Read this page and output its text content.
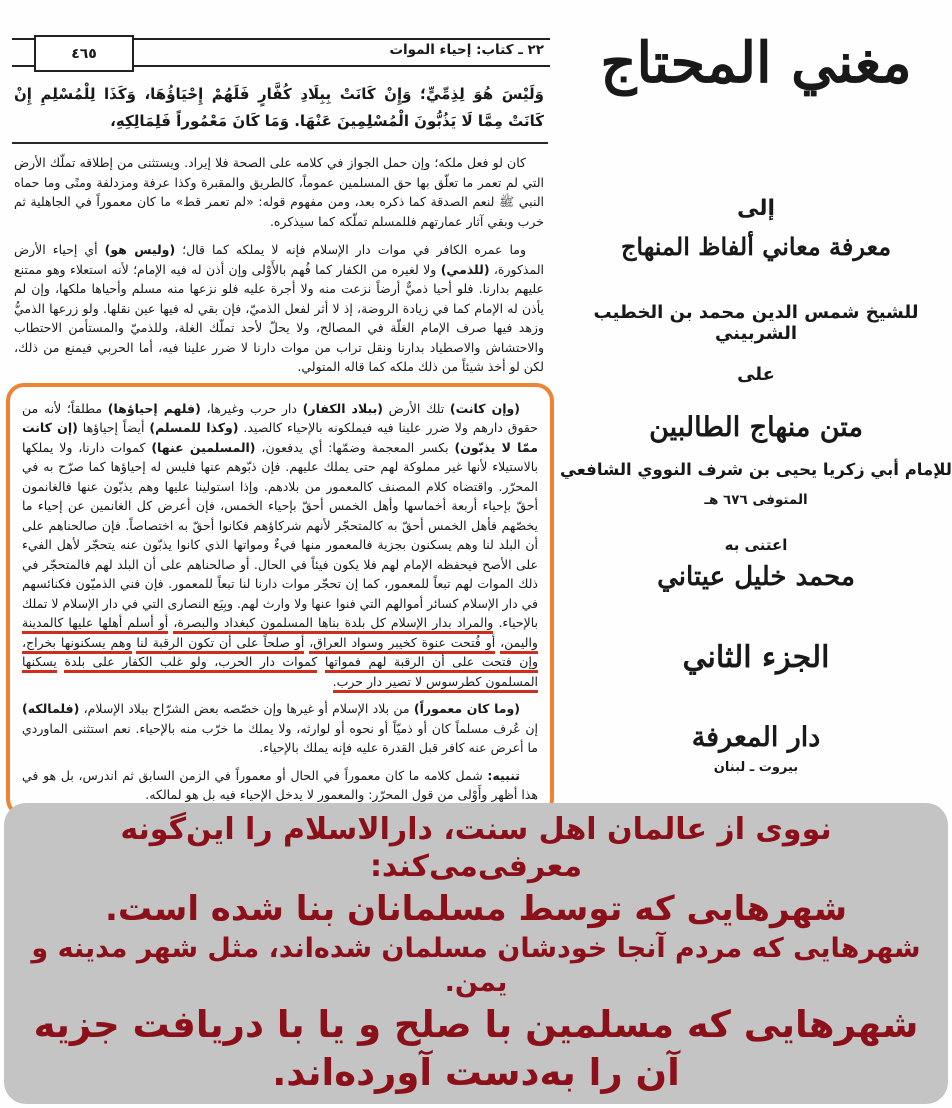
٤٦٥	٢٢ ـ كتاب: إحياء الموات

وَلَيْسَ هُوَ لِذِمِّيٍّ؛ وَإِنْ كَانَتْ بِبِلَادِ كُفَّارٍ فَلَهُمْ إِحْيَاؤُهَا، وَكَذَا لِلْمُسْلِمِ إِنْ كَانَتْ مِمَّا لَا يَذُبُّونَ الْمُسْلِمِينَ عَنْهَا. وَمَا كَانَ مَعْمُوراً فَلِمَالِكِهِ،

كان لو فعل ملكه؛ وإن حمل الجواز في كلامه على الصحة فلا إيراد. ويستثنى من إطلاقه تملّك الأرض التي لم تعمر ما تعلّق بها حق المسلمين عموماً، كالطريق والمقبرة وكذا عرفة ومزدلفة ومنًى وما حماه النبي ﷺ لنعم الصدقة كما ذكره بعد، ومن مفهوم قوله: «لم تعمر قط» ما كان معموراً في الجاهلية ثم خرب وبقي آثار عمارتهم فللمسلم تملّكه كما سيذكره.

وما عمره الكافر في موات دار الإسلام فإنه لا يملكه كما قال؛ (وليس هو) أي إحياء الأرض المذكورة، (للذمي) ولا لغيره من الكفار كما فُهم بالأَوْلى وإن أذن له فيه الإمام؛ لأنه استعلاء وهو ممتنع عليهم بدارنا. فلو أحيا ذميٌّ أرضاً نزعت منه ولا أجرة عليه فلو نزعها منه مسلم وأحياها ملكها، وإن لم يأذن له الإمام كما في زيادة الروضة، إذ لا أثر لفعل الذميّ، فإن بقي له فيها عين نقلها. ولو زرعها الذميُّ وزهد فيها صرف الإمام الغلّة في المصالح، ولا يحلّ لأحد تملّك الغلة، وللذميّ والمستأمن الاحتطاب والاحتشاش والاصطياد بدارنا ونقل تراب من موات دارنا لا ضرر علينا فيه، أما الحربي فيمنع من ذلك، لكن لو أخذ شيئاً من ذلك ملكه كما قاله المتولي.

(وإن كانت) تلك الأرض (ببلاد الكفار) دار حرب وغيرها، (فلهم إحياؤها) مطلقاً؛ لأنه من حقوق دارهم ولا ضرر علينا فيه فيملكونه بالإحياء كالصيد. (وكذا للمسلم) أيضاً إحياؤها (إن كانت ممّا لا يذبّون) بكسر المعجمة وضمّها: أي يدفعون، (المسلمين عنها) كموات دارنا، ولا يملكها بالاستيلاء لأنها غير مملوكة لهم حتى يملك عليهم. فإن ذبّوهم عنها فليس له إحياؤها كما صرّح به في المحرّر. واقتضاه كلام المصنف كالمعمور من بلادهم. وإذا استولينا عليها وهم يذبّون عنها فالغانمون أحقّ بإحياء أربعة أخماسها وأهل الخمس أحقّ بإحياء الخمس، فإن أعرض كل الغانمين عن إحياء ما يخصّهم فأهل الخمس أحقّ به كالمتحجّر لأنهم شركاؤهم فكانوا أحقّ به اختصاصاً. فإن صالحناهم على أن البلد لنا وهم يسكنون بجزية فالمعمور منها فيءٌ ومواتها الذي كانوا يذبّون عنه يتحجّر لأهل الفيء على الأصح فيحفظه الإمام لهم فلا يكون فيئاً في الحال. أو صالحناهم على أن البلد لهم فالمتحجّر في ذلك الموات لهم تبعاً للمعمور، كما إن تحجّر موات دارنا لنا تبعاً للمعمور. فإن فني الذميّون فكنائسهم في دار الإسلام كسائر أموالهم التي فنوا عنها ولا وارث لهم. وبِيَع النصارى التي في دار الإسلام لا تملك بالإحياء. والمراد بدار الإسلام كل بلدة بناها المسلمون كبغداد والبصرة، أو أسلم أهلها عليها كالمدينة واليمن، أو فُتحت عنوة كخيبر وسواد العراق، أو صلحاً على أن تكون الرقبة لنا وهم يسكنونها بخراج، وإن فتحت على أن الرقبة لهم فمواتها كموات دار الحرب، ولو غلب الكفار على بلدة يسكنها المسلمون كطرسوس لا تصير دار حرب.

(وما كان معموراً) من بلاد الإسلام أو غيرها وإن خصّصه بعض الشرّاح ببلاد الإسلام، (فلمالكه) إن عُرف مسلماً كان أو ذميّاً أو نحوه أو لوارثه، ولا يملك ما خرّب منه بالإحياء. نعم استثنى الماوردي ما أعرض عنه كافر قبل القدرة عليه فإنه يملك بالإحياء.

تنبيه: شمل كلامه ما كان معموراً في الحال أو معموراً في الزمن السابق ثم اندرس، بل هو في هذا أظهر وأَوْلى من قول المحرّر: والمعمور لا يدخل الإحياء فيه بل هو لمالكه.

مغني المحتاج
إلى
معرفة معاني ألفاظ المنهاج
للشيخ شمس الدين محمد بن الخطيب الشربيني
على
متن منهاج الطالبين
للإمام أبي زكريا يحيى بن شرف النووي الشافعي
المتوفى ٦٧٦ هـ
اعتنى به
محمد خليل عيتاني
الجزء الثاني
دار المعرفة
بيروت ـ لبنان

نووی از عالمان اهل سنت، دارالاسلام را این‌گونه معرفی‌می‌کند:

شهرهایی که توسط مسلمانان بنا شده است.

شهرهایی که مردم آنجا خودشان مسلمان شده‌اند، مثل شهر مدینه و یمن.

شهرهایی که مسلمین با صلح و یا با دریافت جزیه

آن را به‌دست آورده‌اند.
